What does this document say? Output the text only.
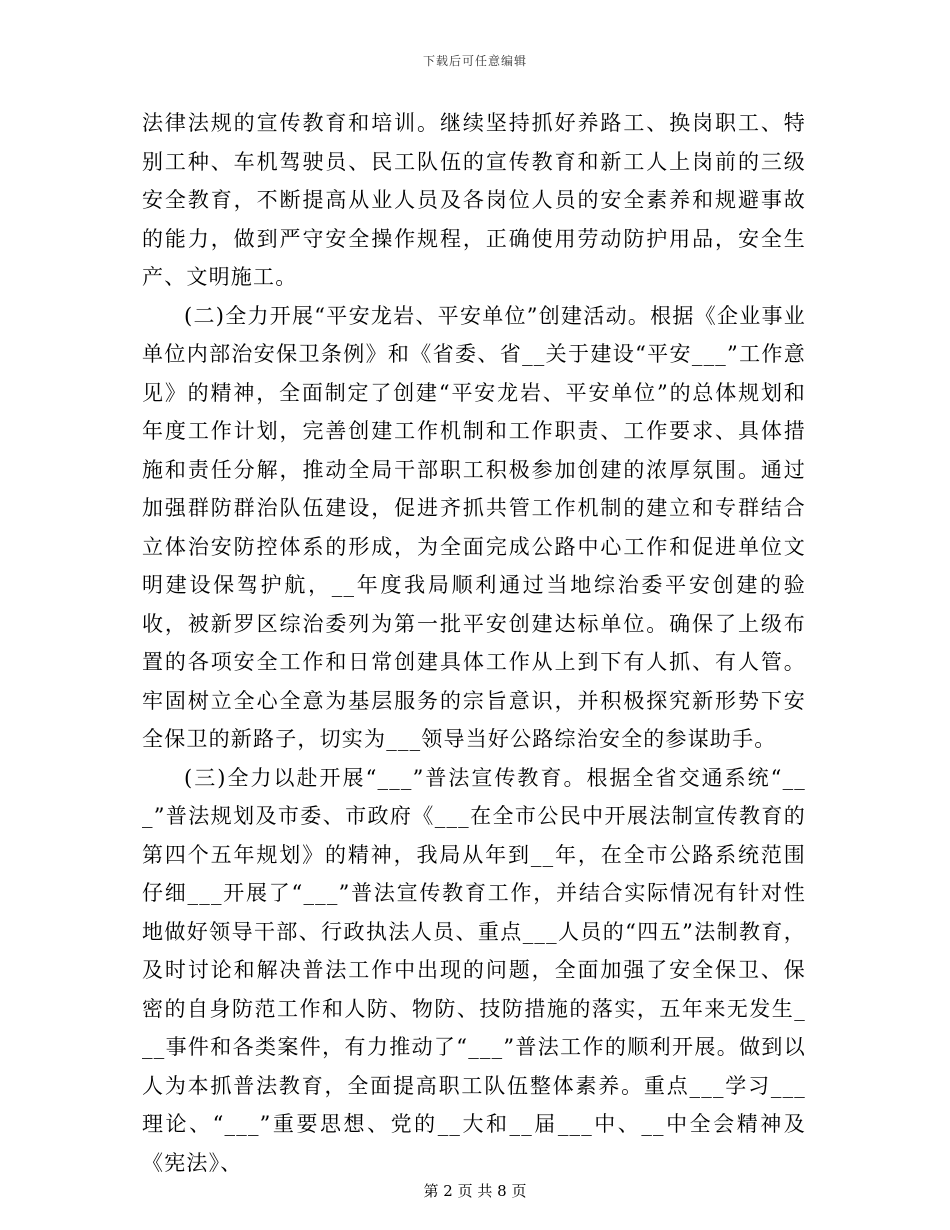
下载后可任意编辑

法律法规的宣传教育和培训。继续坚持抓好养路工、换岗职工、特别工种、车机驾驶员、民工队伍的宣传教育和新工人上岗前的三级安全教育，不断提高从业人员及各岗位人员的安全素养和规避事故的能力，做到严守安全操作规程，正确使用劳动防护用品，安全生产、文明施工。

(二)全力开展“平安龙岩、平安单位”创建活动。根据《企业事业单位内部治安保卫条例》和《省委、省__关于建设“平安___”工作意见》的精神，全面制定了创建“平安龙岩、平安单位”的总体规划和年度工作计划，完善创建工作机制和工作职责、工作要求、具体措施和责任分解，推动全局干部职工积极参加创建的浓厚氛围。通过加强群防群治队伍建设，促进齐抓共管工作机制的建立和专群结合立体治安防控体系的形成，为全面完成公路中心工作和促进单位文明建设保驾护航，__年度我局顺利通过当地综治委平安创建的验收，被新罗区综治委列为第一批平安创建达标单位。确保了上级布置的各项安全工作和日常创建具体工作从上到下有人抓、有人管。牢固树立全心全意为基层服务的宗旨意识，并积极探究新形势下安全保卫的新路子，切实为___领导当好公路综治安全的参谋助手。

(三)全力以赴开展“___”普法宣传教育。根据全省交通系统“___”普法规划及市委、市政府《___在全市公民中开展法制宣传教育的第四个五年规划》的精神，我局从年到__年，在全市公路系统范围仔细___开展了“___”普法宣传教育工作，并结合实际情况有针对性地做好领导干部、行政执法人员、重点___人员的“四五”法制教育，及时讨论和解决普法工作中出现的问题，全面加强了安全保卫、保密的自身防范工作和人防、物防、技防措施的落实，五年来无发生___事件和各类案件，有力推动了“___”普法工作的顺利开展。做到以人为本抓普法教育，全面提高职工队伍整体素养。重点___学习___理论、“___”重要思想、党的__大和__届___中、__中全会精神及《宪法》、

第 2 页 共 8 页
